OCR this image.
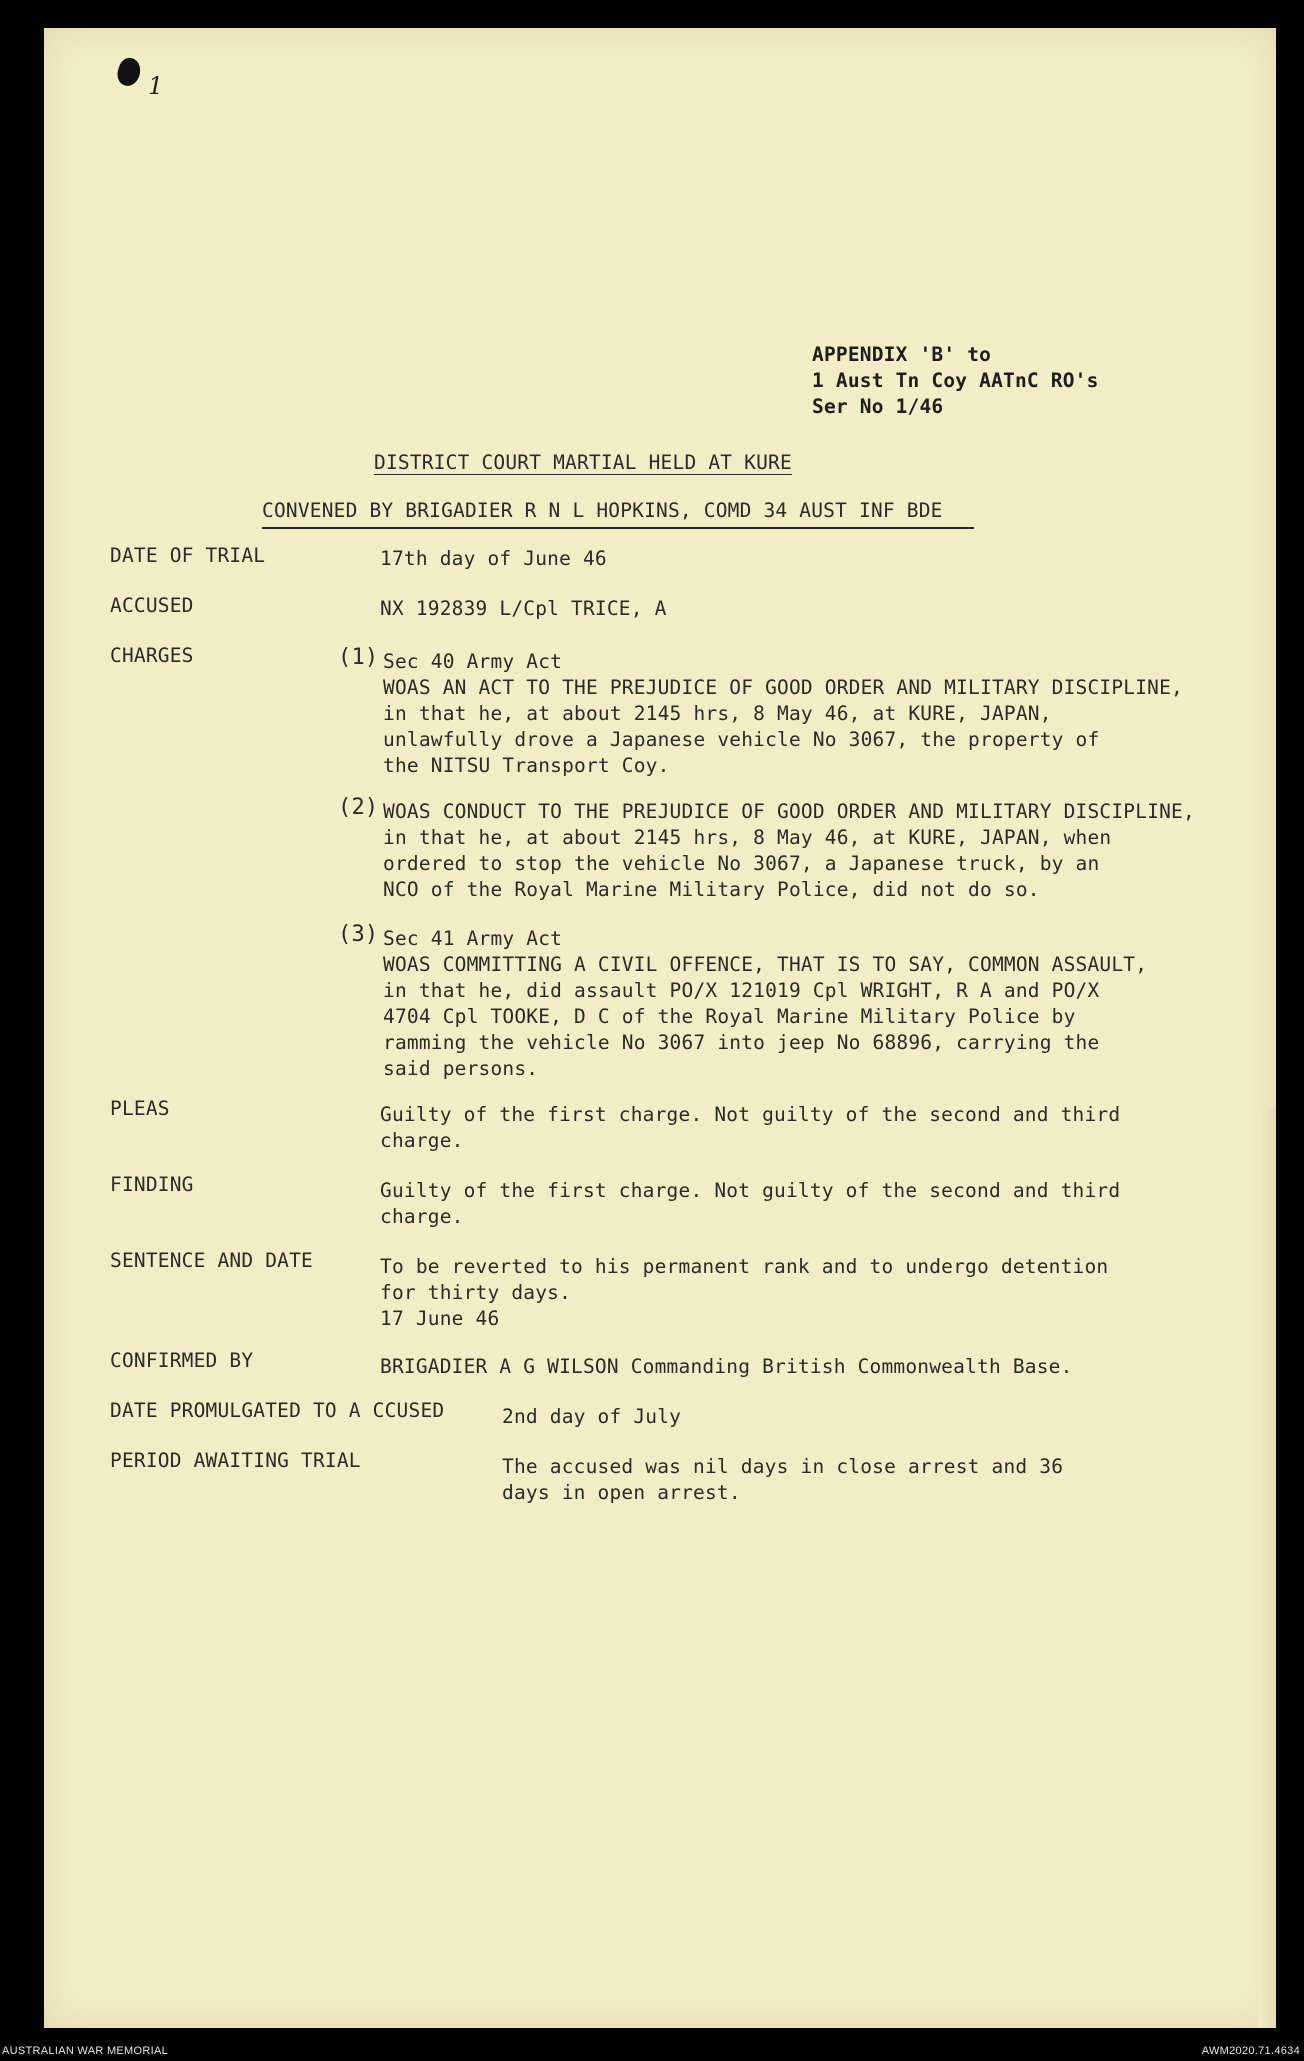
1
APPENDIX 'B' to
1 Aust Tn Coy AATnC RO's
Ser No 1/46
DISTRICT COURT MARTIAL HELD AT KURE
CONVENED BY BRIGADIER R N L HOPKINS, COMD 34 AUST INF BDE
DATE OF TRIAL	17th day of June 46
ACCUSED	NX 192839 L/Cpl TRICE, A
CHARGES	(1) Sec 40 Army Act
WOAS AN ACT TO THE PREJUDICE OF GOOD ORDER AND MILITARY DISCIPLINE,
in that he, at about 2145 hrs, 8 May 46, at KURE, JAPAN,
unlawfully drove a Japanese vehicle No 3067, the property of
the NITSU Transport Coy.
(2) WOAS CONDUCT TO THE PREJUDICE OF GOOD ORDER AND MILITARY DISCIPLINE,
in that he, at about 2145 hrs, 8 May 46, at KURE, JAPAN, when
ordered to stop the vehicle No 3067, a Japanese truck, by an
NCO of the Royal Marine Military Police, did not do so.
(3) Sec 41 Army Act
WOAS COMMITTING A CIVIL OFFENCE, THAT IS TO SAY, COMMON ASSAULT,
in that he, did assault PO/X 121019 Cpl WRIGHT, R A and PO/X
4704 Cpl TOOKE, D C of the Royal Marine Military Police by
ramming the vehicle No 3067 into jeep No 68896, carrying the
said persons.
PLEAS	Guilty of the first charge. Not guilty of the second and third
charge.
FINDING	Guilty of the first charge. Not guilty of the second and third
charge.
SENTENCE AND DATE	To be reverted to his permanent rank and to undergo detention
for thirty days.
17 June 46
CONFIRMED BY	BRIGADIER A G WILSON Commanding British Commonwealth Base.
DATE PROMULGATED TO A CCUSED	2nd day of July
PERIOD AWAITING TRIAL	The accused was nil days in close arrest and 36
days in open arrest.
AUSTRALIAN WAR MEMORIAL	AWM2020.71.4634
